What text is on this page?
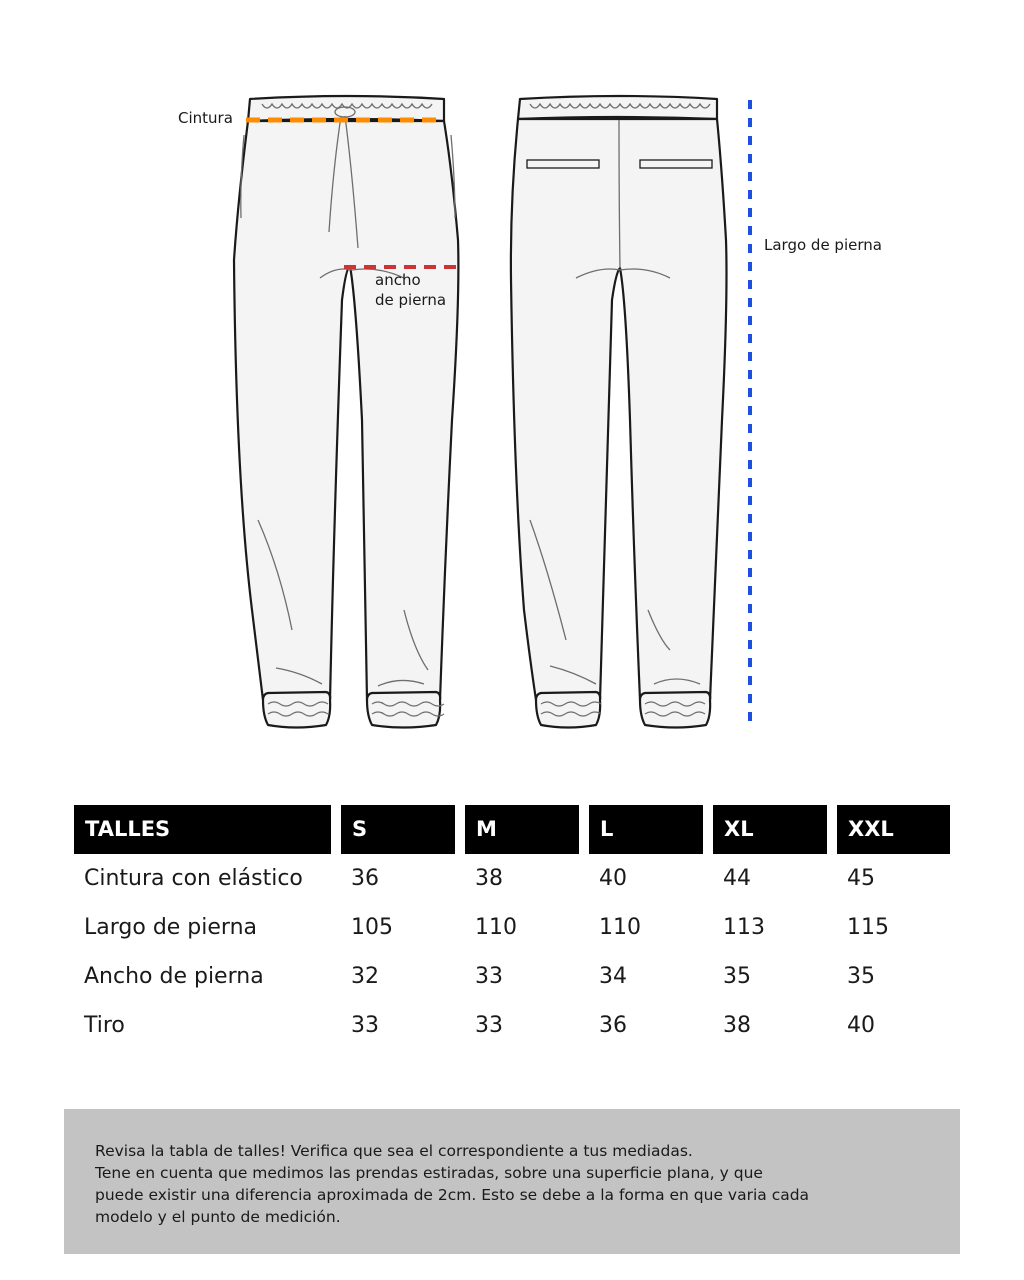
Cintura
ancho
de pierna
Largo de pierna
TALLES	S	M	L	XL	XXL
Cintura con elástico	36	38	40	44	45
Largo de pierna	105	110	110	113	115
Ancho de pierna	32	33	34	35	35
Tiro	33	33	36	38	40

Revisa la tabla de talles! Verifica que sea el correspondiente a tus mediadas.

Tene en cuenta que medimos las prendas estiradas, sobre una superficie plana, y que

puede existir una diferencia aproximada de 2cm. Esto se debe a la forma en que varia cada

modelo y el punto de medición.
